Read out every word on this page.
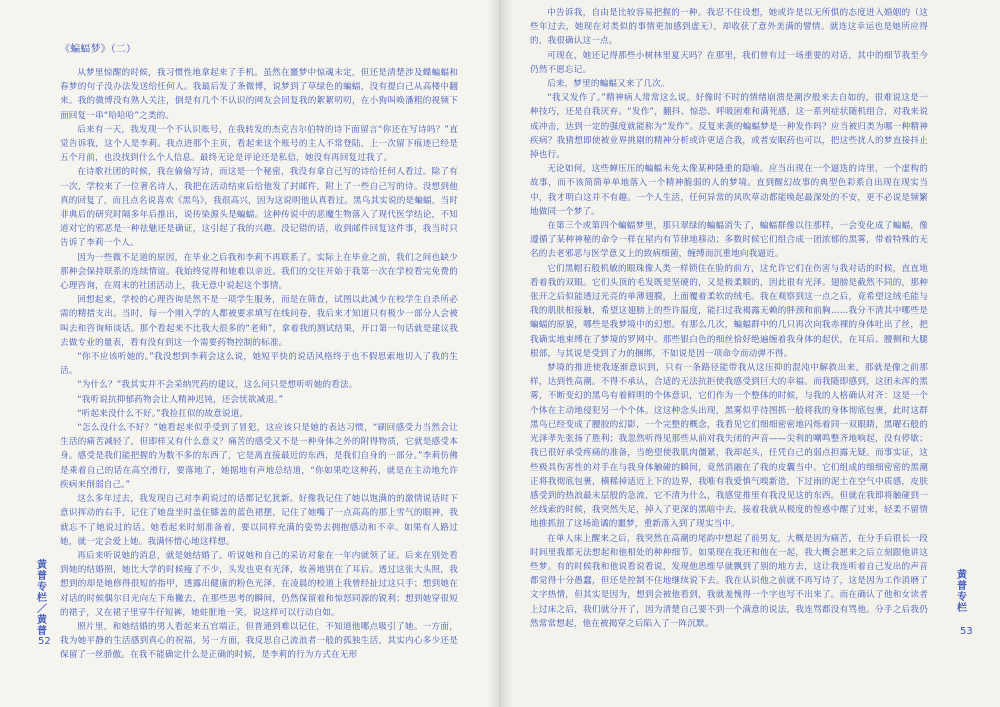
《蝙蝠梦》（二）

从梦里惊醒的时候，我习惯性地拿起来了手机。虽然在噩梦中惊魂未定，但还是清楚涉及蝶蝙蝠和春梦的句子没办法发送给任何人。我最后发了条微博，说梦到了草绿色的蝙蝠，没有提白己从高楼中翻来。我的微博没有熟人关注，倒是有几个不认识的网友会回复我的絮絮叨叨，在小狗叫唤潘粗的视频下面回复一串“哈哈哈”之类的。

后来有一天，我发现一个不认识账号，在我转发的杰克吉尔伯特的诗下面留言“你还在写诗吗？”直觉告诉我，这个人是李莉。我点进那个主页，看起来这个账号的主人不常登陆，上一次留下痕迹已经是五个月前，也没找到什么个人信息。最终无论是评论还是私信，她没有再回复过我了。

在诗歌社团的时候，我在偷偷写诗，而这是一个秘密，我没有拿自己写的诗给任何人看过。除了有一次，学校来了一位著名诗人，我把在活动结束后给他发了封邮件，附上了一些自己写的诗。没想到他真的回复了，而且点名说喜欢《黑鸟》，我很高兴，因为这说明他认真看过。黑鸟其实说的是蝙蝠，当时非典后的研究时隔多年后推出，说传染源头是蝙蝠。这种传说中的恶魔生物落入了现代医学结论，不知道对它的邪恶是一种祛魅还是确证，这引起了我的兴趣。没记错的话，收到邮件回复这件事，我当时只告诉了李莉一个人。

因为一些微不足道的原因，在毕业之后我和李莉不再联系了。实际上在毕业之前，我们之间也缺少那种会保持联系的连续情谊。我始终觉得和她难以亲近。我们的交往开始于我第一次在学校看完免费的心理咨询，在周末的社团活动上，我无意中说起这个事情。

回想起来，学校的心理咨询是然不是一项学生服务，而是在筛查，试图以此减少在校学生自杀所必需的精措支出。当时，每一个刚入学的人都被要求填写在线问卷，我后来才知道只有极少一部分人会被叫去和咨询师谈话。那个看起来不比我大很多的“老师”，拿着我的测试结果，开口第一句话就是建议我去做专业的量表，看有没有到这一个需要药物控制的标准。

“你不应该听她的。”我没想到李莉会这么说，她短平快的说话风格终于也不假思索地切入了我的生活。

“为什么？”我其实并不会采纳咒药的建议，这么问只是想听听她的看法。

“我听说抗抑郁药物会让人精神迟钝，还会忧欲减退。”

“听起来没什么不好。”我捡扛似的故意说道。

“怎么没什么不好？”她看起来似乎受到了冒犯，这应该只是她的表达习惯，“刷回感受力当然会让生活的痛苦减轻了，但即样又有什么意义？痛苦的感受又不是一种身体之外的附得物质，它就是感受本身。感受是我们能把握的为数不多的东西了，它是离直接最近的东西，是我们自身的一部分。”李莉仿佛是乘着自己的话在高空滑行，要落地了，她据地有声地总结道，“你如果吃这种药，就是在主动地允许疾病来削弱自己。”

这么多年过去，我发现自己对李莉说过的话都记忆犹新。好像我记住了她以饱满的的激情说话时下意识挥动的右手，记住了她盘坐时盖住膝盖的蓝色裙摆，记住了她嘴了一点高高的那上雪气的眼神，我就忘不了她说过的话。她看起来时刻准备着，要以同样充满的姿势去拥抱感动和不幸。如果有人路过她，就一定会爱上她。我满怀惜心地这样想。

再后来听说她的消息，就是她结婚了。听说她和自己的采访对象在一年内就领了证。后来在别处看到她的结婚照，她比大学的时候瘦了不少，头发也更有光泽，妆善地别在了耳后。透过这张大头照，我想到的却是她修得很短的指甲，透露出健康的粉色光泽，在凌晨的校道上我曾经扯过这只手；想到她在对话的时候偶尔目光向左下角撇去，在那些思考的瞬间，仍然保留着和惊怒同源的锐利；想到她穿很短的裙子，又在裙子里穿牛仔短裤，她蛀脏地一笑，说这样可以行动自如。

照片里，和她结婚的男人看起来五官端正，但普通到难以记住，不知道他哪点吸引了她。一方面，我为她平静的生活感到真心的祝福，另一方面，我反思自己流浪者一般的孤独生活，其实内心多少还是保留了一丝骄傲。在我不能确定什么是正确的时候，是李莉的行为方式在无形

黄普专栏／黄普
52

中告诉我，自由是比较容易把握的一种。我忍不住设想，她或许是以无所惧的态度进入婚姻的（这些年过去，她现在对类似的事情更加感到虚无），却收获了意外美满的譬情。就连这幸运也是她所应得的，我很确认这一点。

可现在，她还记得那些小树林里夏天吗？在那里，我们曾有过一场重要的对话，其中的细节我至今仍然不愿忘记。

后来，梦里的蝙蝠又来了几次。

“我又发作了。”精神病人常常这么说。好像时不时的情绪崩溃是潮汐般来去自如的，很难说这是一种技巧，还是自我厌弃。“发作”，翻抖、惊恐、呼吸困难和满死感，这一系列症状随机组合，对我来说成冲击，达到一定的强度就能称为“发作”。反复来袭的蝙蝠梦是一种发作吗？应当被归类为哪一种精神疾病？我猜想即使被业界挑剔的精神分析或许更适合我，或者安眠药也可以，把这些扰人的梦直接抖止掉也行。

无论如何，这些蝉压压的蝙蝠未免太像某种隆重的隐喻。应当出现在一个逼迭的诗里，一个虚构的故事，而不该简简单单地落入一个精神脆弱的人的梦境。直到醒幻故事的典型色彩系自出现在现实当中，我才明白这并不有趣。一个人生活，任何异常的风吹草动都能唤起最深处的不安，更不必说是频繁地做同一个梦了。

在第三个或第四个蝙蝠梦里，那只翠绿的蝙蝠消失了，蝙蝠群像以往那样，一会变化成了蝙蝠，像遵循了某种神秘的命令一样在屋内有节律地移动；多数时候它们组合成一团浓郁的黑雾，带着特殊的无名的去老邪恶与医学意义上的致病细菌，缠缚而沉重地向我逼近。

它们黑帽石般机敏的眼珠像人类一样锁住在脸的前方，这允许它们在伤害与我对话的时候，直直地看着我的双眼。它们头顶的毛发既是坚硬的，又是极柔顺的，因此很有光泽。翅膀是截然不同的，那种张开之后似能透过光亮的单薄翅膜，上面覆着柔软的绒毛。我在观察到这一点之后，竟希望这绒毛能与我的肌肤相接触，希望这翅膀上的些许温度，能扫过我褐露无赖的胖颈和前胸……我分不清其中哪些是蝙蝠的原貌，哪些是我梦境中的幻想。有那么几次，蝙蝠群中的几只再次向我赤裸的身体吐出了丝，把我确实地束缚在了梦境的罗网中。那些银白色的细丝恰好绝遍缠着我身体的起伏，在耳后、腰侧和大腿根部，与其说是受到了力的捆绑，不如说是因一项命令而动弹不得。

梦境的推进使我逐渐意识到，只有一条路径能带我从这压抑的混沌中解救出来，那就是像之前那样，达到性高潮。不得不承认，合适的无法抗拒使我感受到巨大的幸福。而我随即感到，这团未浑的黑雾，不断变幻的黑鸟有着鲜明的个体意识，它们作为一个整体的时候，与我的人格确认对齐：这是一个个体在主动地侵犯另一个个体。这这种念头出现，黑雾似乎待图抓一般将我的身体彻底包裹，此时这群黑鸟已经变成了腰胶的幻影，一个完整的概念，我看见它们细细密密地闪烁着同一双眼睛，黑曜石般的光泽孝先张扬了胜利；我忽然听得见那些从前对我失闭的声音——尖利的嘲鸣整齐地响起，没有停歇；我已很好承受疼痛的准备，当绝望使我肌肉僵紧，我却起头，任凭自己的弱点担露无疑。而事实证，这些极具伤害性的对手在与我身体触碰的瞬间，竟然消融在了我的皮囊当中。它们组成的细细密密的黑潮正将我彻底包裹，横稀掉适近上下的边界，我唯有我爱慎气嗅新造，下过雨的泥土在空气中质感，皮肤感受到的热浪最末层般的急流，它不清为什么，我感觉推里有我没见这的东西。但就在我即将触碰到一丝线索的时候，我突然失足，掉入了更深的黑暗中去，接着我就从极度的惶惑中醒了过来，轻柔不留情地推抓扭了这场诡谲的噩梦，重新落入到了现实当中。

在单人床上醒来之后，我突然在高潮的尾韵中想起了前男友，大概是因为痛苦，在分手后很长一段时间里我都无法想起和他相处的种种细节。如果现在我还和他在一起，我大概会愿来之后立刻跟他讲这些梦。有的时候我和他说看说看说，发现他思维早就飘到了别的地方去，这让我连听着自己发出的声音都觉得十分愚蠢，但还是控制不住地继续说下去。我在认识他之前就不再写诗了，这是因为工作消磨了文字热情，但其实是因为，想到会被他看到，我就羞愧得一个字也写不出来了。而在确认了他和女读者上过床之后，我们就分开了，因为清楚自己要不到一个满意的说法，我连骂都没有骂他。分手之后我仍然常常想起，他在被揭穿之后陷入了一阵沉默。

53
黄普专栏
